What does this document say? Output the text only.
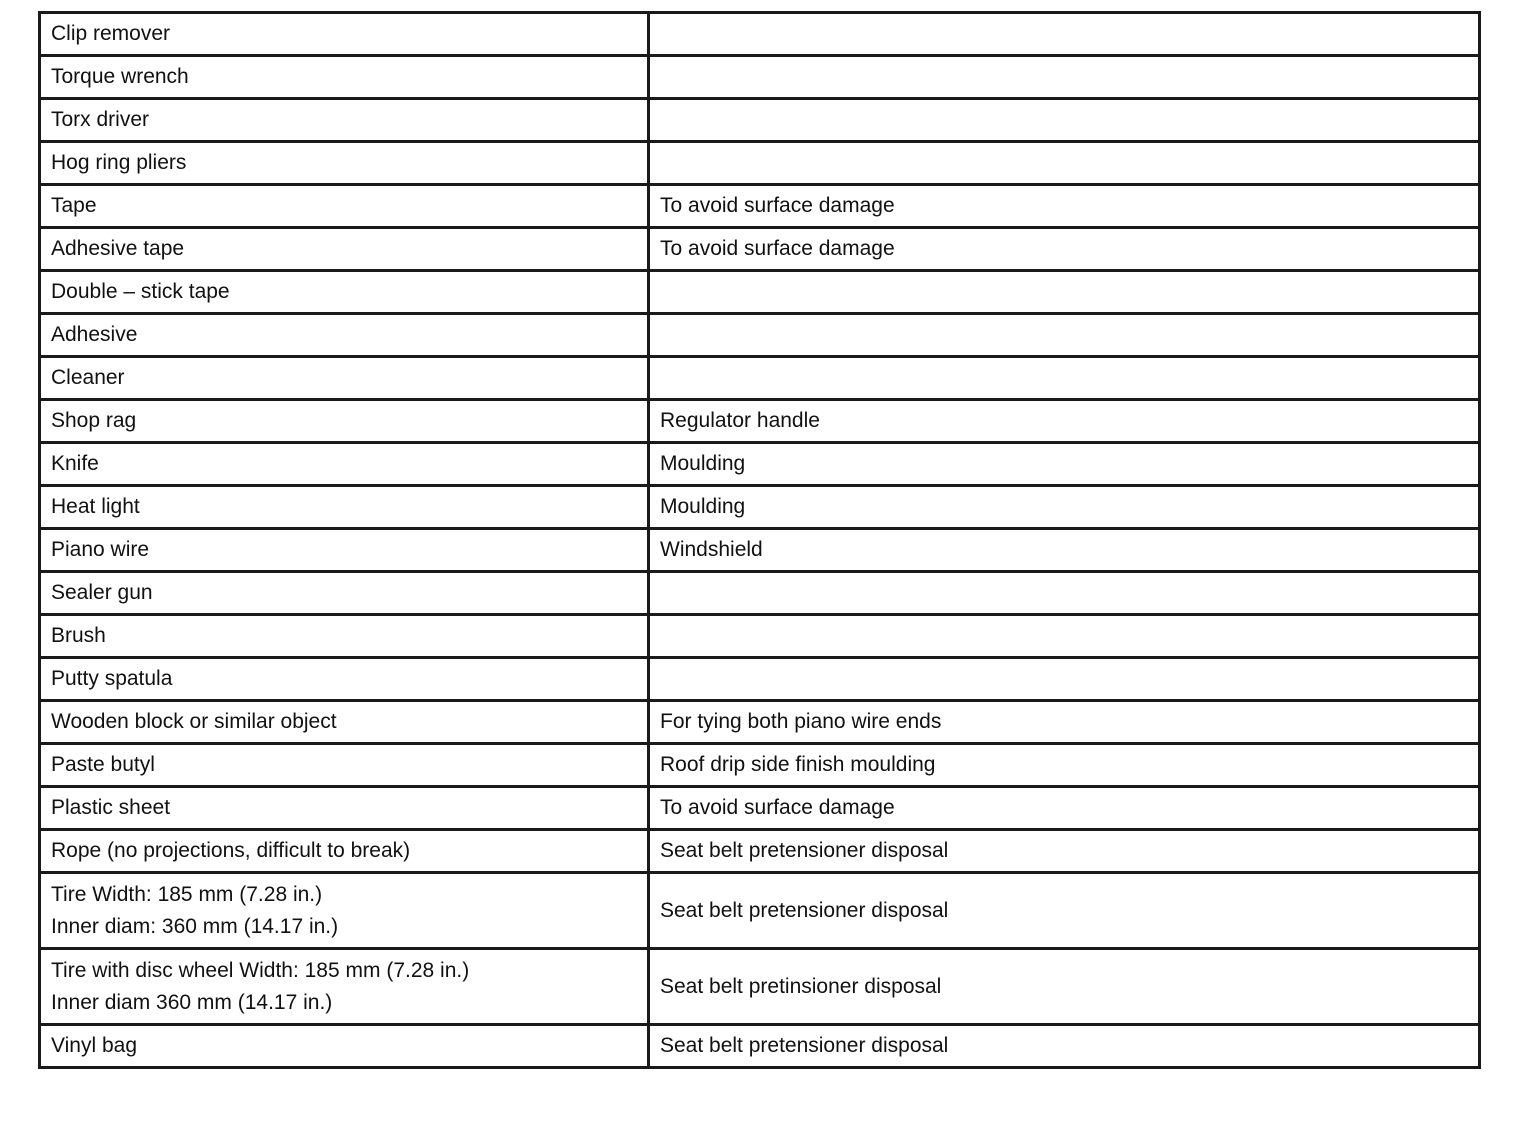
Clip remover	
Torque wrench	
Torx driver	
Hog ring pliers	
Tape	To avoid surface damage
Adhesive tape	To avoid surface damage
Double – stick tape	
Adhesive	
Cleaner	
Shop rag	Regulator handle
Knife	Moulding
Heat light	Moulding
Piano wire	Windshield
Sealer gun	
Brush	
Putty spatula	
Wooden block or similar object	For tying both piano wire ends
Paste butyl	Roof drip side finish moulding
Plastic sheet	To avoid surface damage
Rope (no projections, difficult to break)	Seat belt pretensioner disposal
Tire Width: 185 mm (7.28 in.)
Inner diam: 360 mm (14.17 in.)	Seat belt pretensioner disposal
Tire with disc wheel Width: 185 mm (7.28 in.)
Inner diam 360 mm (14.17 in.)	Seat belt pretinsioner disposal
Vinyl bag	Seat belt pretensioner disposal
